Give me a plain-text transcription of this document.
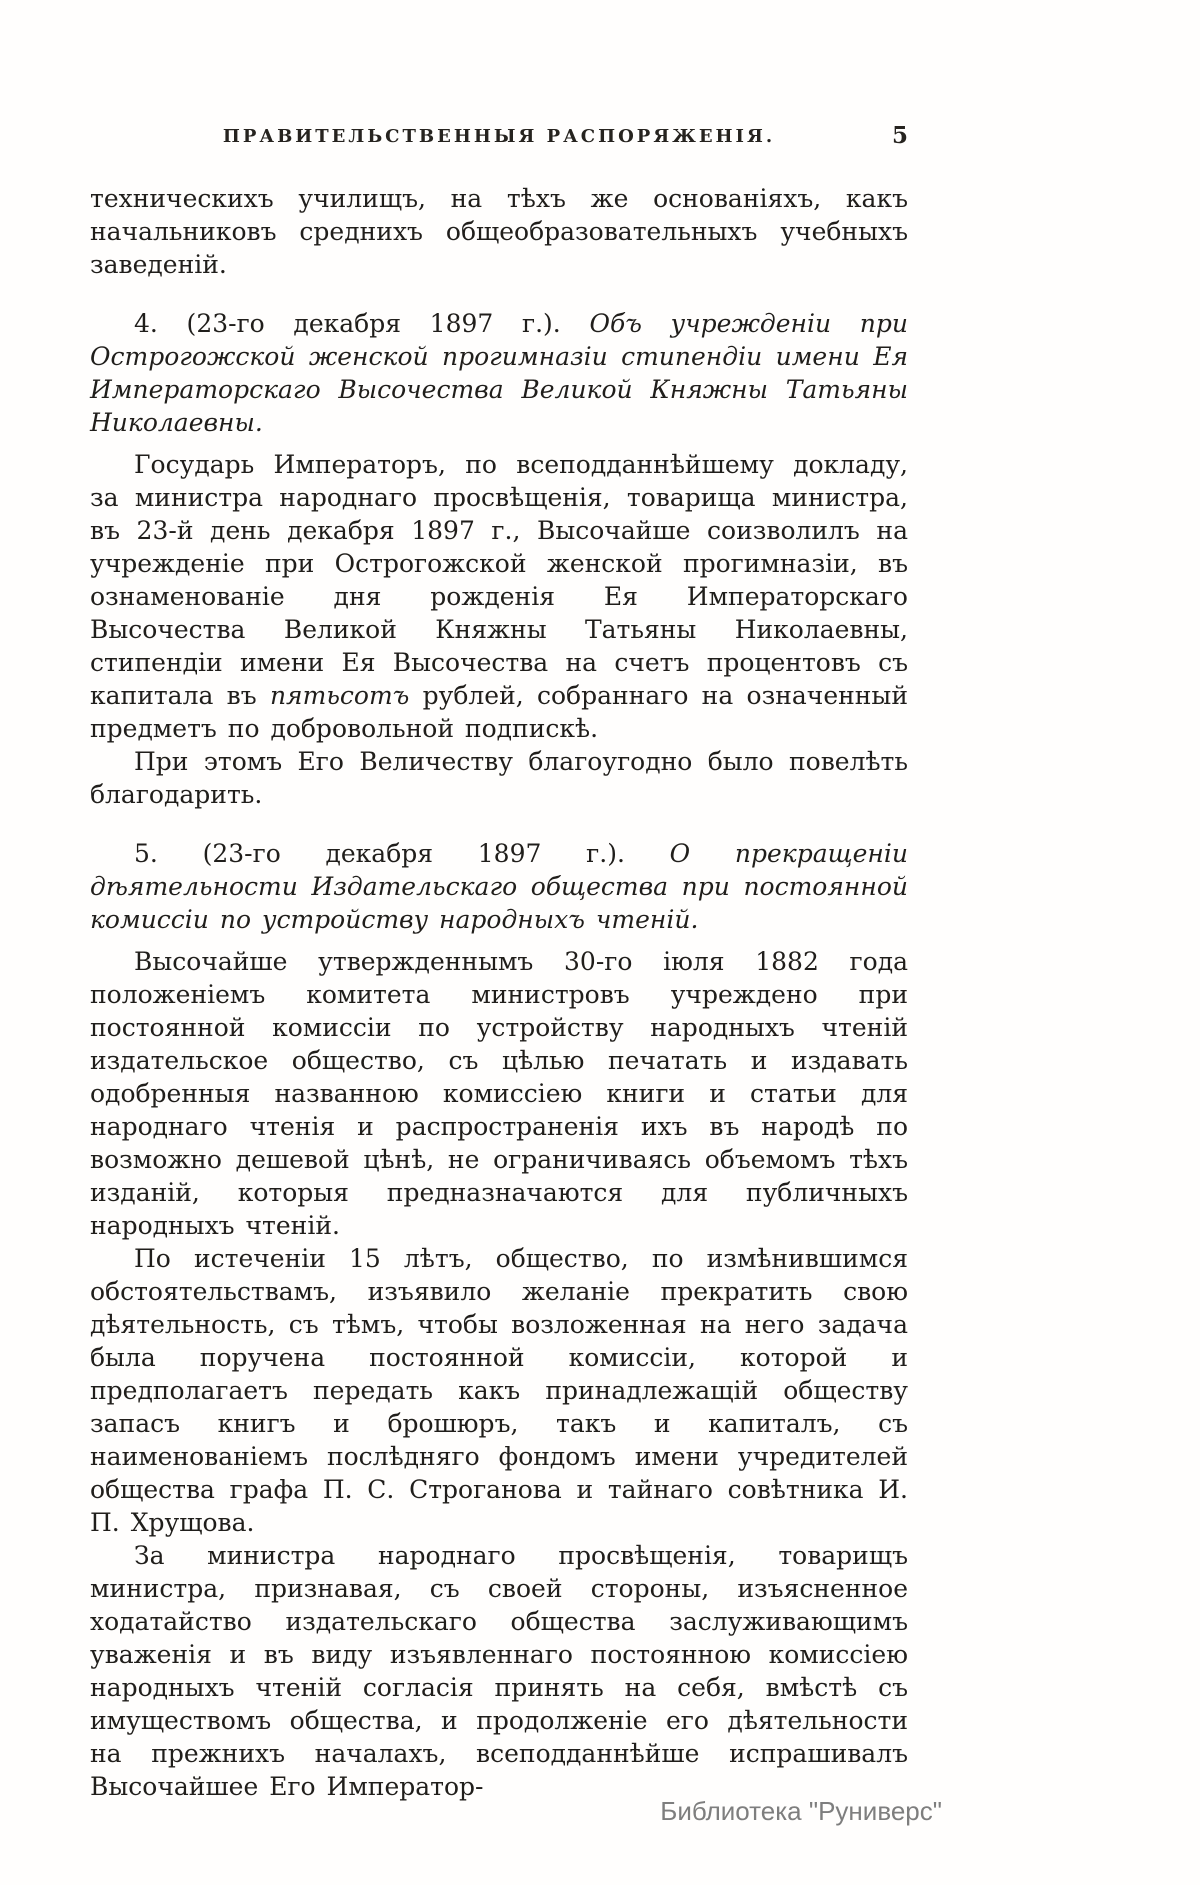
ПРАВИТЕЛЬСТВЕННЫЯ РАСПОРЯЖЕНІЯ.	5

техническихъ училищъ, на тѣхъ же основаніяхъ, какъ начальниковъ среднихъ общеобразовательныхъ учебныхъ заведеній.

4. (23-го декабря 1897 г.). Объ учрежденіи при Острогожской женской прогимназіи стипендіи имени Ея Императорскаго Высочества Великой Княжны Татьяны Николаевны.

Государь Императоръ, по всеподданнѣйшему докладу, за министра народнаго просвѣщенія, товарища министра, въ 23-й день декабря 1897 г., Высочайше соизволилъ на учрежденіе при Острогожской женской прогимназіи, въ ознаменованіе дня рожденія Ея Императорскаго Высочества Великой Княжны Татьяны Николаевны, стипендіи имени Ея Высочества на счетъ процентовъ съ капитала въ пятьсотъ рублей, собраннаго на означенный предметъ по добровольной подпискѣ.

При этомъ Его Величеству благоугодно было повелѣть благодарить.

5. (23-го декабря 1897 г.). О прекращеніи дѣятельности Издательскаго общества при постоянной комиссіи по устройству народныхъ чтеній.

Высочайше утвержденнымъ 30-го іюля 1882 года положеніемъ комитета министровъ учреждено при постоянной комиссіи по устройству народныхъ чтеній издательское общество, съ цѣлью печатать и издавать одобренныя названною комиссіею книги и статьи для народнаго чтенія и распространенія ихъ въ народѣ по возможно дешевой цѣнѣ, не ограничиваясь объемомъ тѣхъ изданій, которыя предназначаются для публичныхъ народныхъ чтеній.

По истеченіи 15 лѣтъ, общество, по измѣнившимся обстоятельствамъ, изъявило желаніе прекратить свою дѣятельность, съ тѣмъ, чтобы возложенная на него задача была поручена постоянной комиссіи, которой и предполагаетъ передать какъ принадлежащій обществу запасъ книгъ и брошюръ, такъ и капиталъ, съ наименованіемъ послѣдняго фондомъ имени учредителей общества графа П. С. Строганова и тайнаго совѣтника И. П. Хрущова.

За министра народнаго просвѣщенія, товарищъ министра, признавая, съ своей стороны, изъясненное ходатайство издательскаго общества заслуживающимъ уваженія и въ виду изъявленнаго постоянною комиссіею народныхъ чтеній согласія принять на себя, вмѣстѣ съ имуществомъ общества, и продолженіе его дѣятельности на прежнихъ началахъ, всеподданнѣйше испрашивалъ Высочайшее Его Император-

Библиотека "Руниверс"
